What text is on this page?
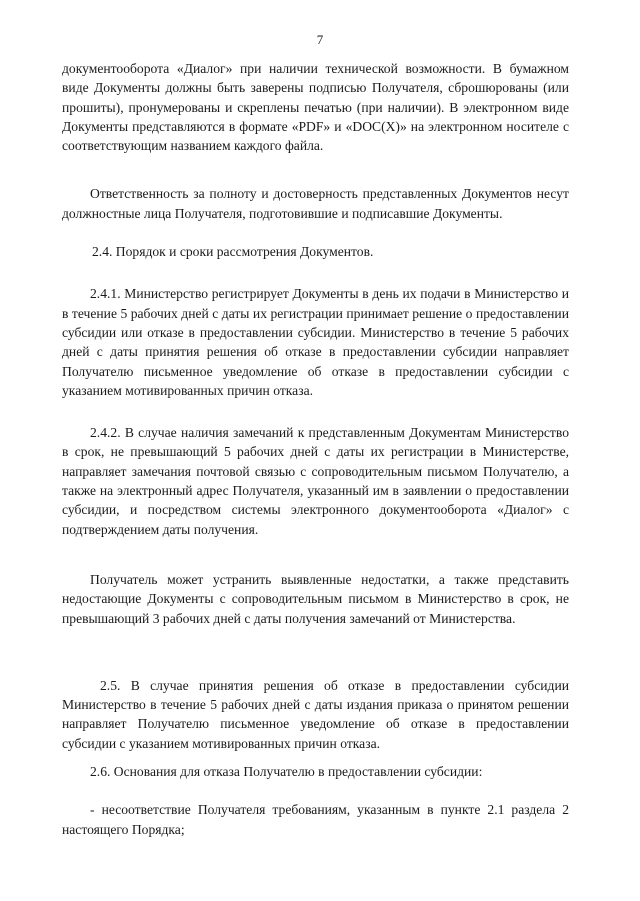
7

документооборота «Диалог» при наличии технической возможности. В бумажном виде Документы должны быть заверены подписью Получателя, сброшюрованы (или прошиты), пронумерованы и скреплены печатью (при наличии). В электронном виде Документы представляются в формате «PDF» и «DOC(X)» на электронном носителе с соответствующим названием каждого файла.

Ответственность за полноту и достоверность представленных Документов несут должностные лица Получателя, подготовившие и подписавшие Документы.

2.4. Порядок и сроки рассмотрения Документов.

2.4.1. Министерство регистрирует Документы в день их подачи в Министерство и в течение 5 рабочих дней с даты их регистрации принимает решение о предоставлении субсидии или отказе в предоставлении субсидии. Министерство в течение 5 рабочих дней с даты принятия решения об отказе в предоставлении субсидии направляет Получателю письменное уведомление об отказе в предоставлении субсидии с указанием мотивированных причин отказа.

2.4.2. В случае наличия замечаний к представленным Документам Министерство в срок, не превышающий 5 рабочих дней с даты их регистрации в Министерстве, направляет замечания почтовой связью с сопроводительным письмом Получателю, а также на электронный адрес Получателя, указанный им в заявлении о предоставлении субсидии, и посредством системы электронного документооборота «Диалог» с подтверждением даты получения.

Получатель может устранить выявленные недостатки, а также представить недостающие Документы с сопроводительным письмом в Министерство в срок, не превышающий 3 рабочих дней с даты получения замечаний от Министерства.

2.5. В случае принятия решения об отказе в предоставлении субсидии Министерство в течение 5 рабочих дней с даты издания приказа о принятом решении направляет Получателю письменное уведомление об отказе в предоставлении субсидии с указанием мотивированных причин отказа.

2.6. Основания для отказа Получателю в предоставлении субсидии:

- несоответствие Получателя требованиям, указанным в пункте 2.1 раздела 2 настоящего Порядка;
